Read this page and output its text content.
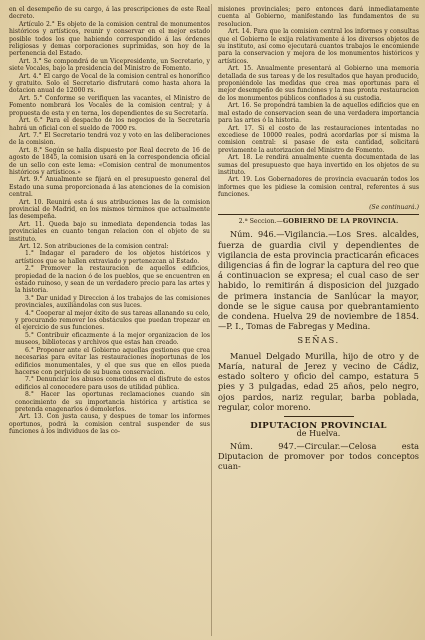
en el desempeño de su cargo, á las prescripciones de este Real decreto.

Artículo 2.° Es objeto de la comision central de monumentos históricos y artísticos, reunir y conservar en el mejor estado posible todos los que habiendo correspondido á las órdenes religiosas y demas corporaciones suprimidas, son hoy de la pertenencia del Estado.

Art. 3.° Se compondrá de un Vicepresidente, un Secretario, y siete Vocales, bajo la presidencia del Ministro de Fomento.

Art. 4.° El cargo de Vocal de la comision central es honorífico y gratuito. Solo el Secretario disfrutará como hasta ahora la dotacion anual de 12000 rs.

Art. 5.° Conforme se verifiquen las vacantes, el Ministro de Fomento nombrará los Vocales de la comision central; y á propuesta de esta y en terna, los dependientes de su Secretaría.

Art. 6.° Para el despacho de los negocios de la Secretaría habrá un oficial con el sueldo de 7000 rs.

Art. 7.° El Secretario tendrá voz y voto en las deliberaciones de la comision.

Art. 8.° Según se halla dispuesto por Real decreto de 16 de agosto de 1845, la comision usará en la correspondencia oficial de un sello con este lema: «Comision central de monumentos históricos y artísticos.»

Art. 9.° Anualmente se fijará en el presupuesto general del Estado una suma proporcionada á las atenciones de la comision central.

Art. 10. Reunirá esta á sus atribuciones las de la comision provincial de Madrid, en los mismos términos que actualmente las desempeña.

Art. 11. Queda bajo su inmediata dependencia todas las provinciales en cuanto tengan relacion con el objeto de su instituto.

Art. 12. Son atribuciones de la comision central:

1.° Indagar el paradero de los objetos históricos y artísticos que se hallen extraviado y pertenezcan al Estado.

2.° Promover la restauracion de aquellos edificios, propiedad de la nacion ó de los pueblos, que se encuentren en estado ruinoso, y sean de un verdadero precio para las artes y la historia.

3.° Dar unidad y Direccion á los trabajos de las comisiones provinciales, auxiliándolas con sus luces.

4.° Cooperar al mejor éxito de sus tareas allanando su celo, y procurando remover los obstáculos que puedan tropezar en el ejercicio de sus funciones.

5.° Contribuir eficazmente á la mejor organizacion de los museos, bibliotecas y archivos que estas han creado.

6.° Proponer ante el Gobierno aquellas gestiones que crea necesarias para evitar las restauraciones inoportunas de los edificios monumentales, y el que sus que en ellos pueda hacerse con perjuicio de su buena conservacion.

7.° Denunciar los abusos cometidos en el disfrute de estos edificios al conocedere para usos de utilidad pública.

8.° Hacer las oportunas reclamaciones cuando sin conocimiento de su importancia histórica y artística se pretenda enagenarlos ó demolerlos.

Art. 13. Con justa causa, y despues de tomar los informes oportunos, podrá la comision central suspender de sus funciones á los individuos de las co-

misiones provinciales; pero entonces dará inmediatamente cuenta al Gobierno, manifestando las fundamentos de su resolucion.

Art. 14. Para que la comision central los informes y consultas que el Gobierno le exija relativamente á los diversos objetos de su instituto, así como ejecutará cuantos trabajos le encomiende para la conservacion y mejora de los monumentos históricos y artísticos.

Art. 15. Anualmente presentará al Gobierno una memoria detallada de sus tareas y de los resultados que hayan producido, proponiéndole las medidas que crea mas oportunas para el mejor desempeño de sus funciones y la mas pronta restauracion de los monumentos públicos confiados á su custodia.

Art. 16. Se propondrá tambien la de aquellos edificios que en mal estado de conservacion sean de una verdadera importancia para las artes ó la historia.

Art. 17. Si el costo de las restauraciones intentadas no excediese de 10000 reales, podrá acordarlas por sí misma la comision central: si pasase de esta cantidad, solicitará previamente la autorizacion del Ministro de Fomento.

Art. 18. Le rendirá anualmente cuenta documentada de las sumas del presupuesto que haya invertido en los objetos de su instituto.

Art. 19. Los Gobernadores de provincia evacuarán todos los informes que les pidiese la comision central, referentes á sus funciones.

(Se continuará.)
2.ª Seccion.—GOBIERNO DE LA PROVINCIA.

Núm. 946.—Vigilancia.—Los Sres. alcaldes, fuerza de guardia civil y dependientes de vigilancia de esta provincia practicarán eficaces diligencias á fin de lograr la captura del reo que á continuacion se expresa; el cual caso de ser habido, lo remitirán á disposicion del juzgado de primera instancia de Sanlúcar la mayor, donde se le sigue causa por quebrantamiento de condena. Huelva 29 de noviembre de 1854.—P. I., Tomas de Fabregas y Medina.

SEÑAS.

Manuel Delgado Murilla, hijo de otro y de María, natural de Jerez y vecino de Cádiz, estado soltero y oficio del campo, estatura 5 pies y 3 pulgadas, edad 25 años, pelo negro, ojos pardos, nariz regular, barba poblada, regular, color moreno.

DIPUTACION PROVINCIAL
de Huelva.

Núm. 947.—Circular.—Celosa esta Diputacion de promover por todos conceptos cuan-
